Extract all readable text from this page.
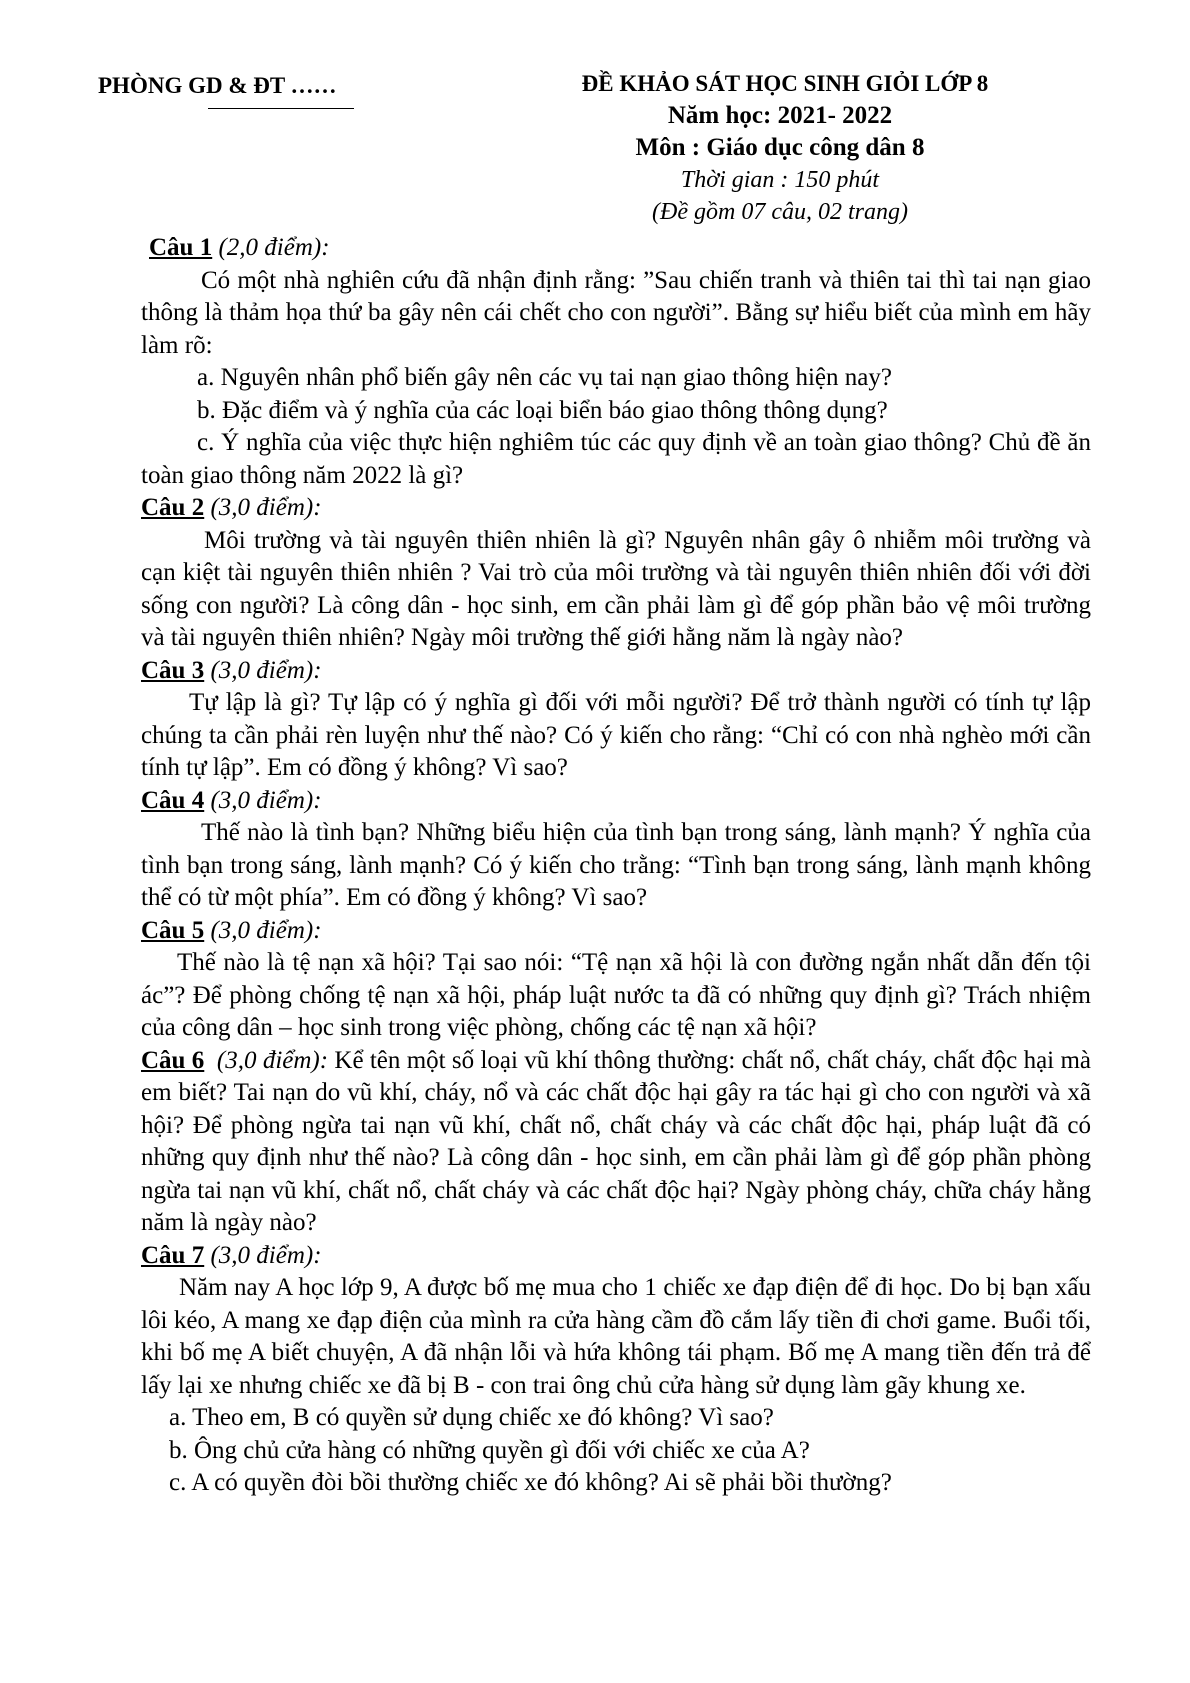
PHÒNG GD & ĐT ……	ĐỀ KHẢO SÁT HỌC SINH GIỎI LỚP 8
Năm học: 2021- 2022
Môn : Giáo dục công dân 8
Thời gian : 150 phút
(Đề gồm 07 câu, 02 trang)
Câu 1 (2,0 điểm):

Có một nhà nghiên cứu đã nhận định rằng: ”Sau chiến tranh và thiên tai thì tai nạn giao thông là thảm họa thứ ba gây nên cái chết cho con người”. Bằng sự hiểu biết của mình em hãy làm rõ:

a. Nguyên nhân phổ biến gây nên các vụ tai nạn giao thông hiện nay?

b. Đặc điểm và ý nghĩa của các loại biển báo giao thông thông dụng?

c. Ý nghĩa của việc thực hiện nghiêm túc các quy định về an toàn giao thông? Chủ đề ăn toàn giao thông năm 2022 là gì?

Câu 2 (3,0 điểm):

Môi trường và tài nguyên thiên nhiên là gì? Nguyên nhân gây ô nhiễm môi trường và cạn kiệt tài nguyên thiên nhiên ? Vai trò của môi trường và tài nguyên thiên nhiên đối với đời sống con người? Là công dân - học sinh, em cần phải làm gì để góp phần bảo vệ môi trường và tài nguyên thiên nhiên? Ngày môi trường thế giới hằng năm là ngày nào?

Câu 3 (3,0 điểm):

Tự lập là gì? Tự lập có ý nghĩa gì đối với mỗi người? Để trở thành người có tính tự lập chúng ta cần phải rèn luyện như thế nào? Có ý kiến cho rằng: “Chỉ có con nhà nghèo mới cần tính tự lập”. Em có đồng ý không? Vì sao?

Câu 4 (3,0 điểm):

Thế nào là tình bạn? Những biểu hiện của tình bạn trong sáng, lành mạnh? Ý nghĩa của tình bạn trong sáng, lành mạnh? Có ý kiến cho trằng: “Tình bạn trong sáng, lành mạnh không thể có từ một phía”. Em có đồng ý không? Vì sao?

Câu 5 (3,0 điểm):

Thế nào là tệ nạn xã hội? Tại sao nói: “Tệ nạn xã hội là con đường ngắn nhất dẫn đến tội ác”? Để phòng chống tệ nạn xã hội, pháp luật nước ta đã có những quy định gì? Trách nhiệm của công dân – học sinh trong việc phòng, chống các tệ nạn xã hội?

Câu 6 (3,0 điểm): Kể tên một số loại vũ khí thông thường: chất nổ, chất cháy, chất độc hại mà em biết? Tai nạn do vũ khí, cháy, nổ và các chất độc hại gây ra tác hại gì cho con người và xã hội? Để phòng ngừa tai nạn vũ khí, chất nổ, chất cháy và các chất độc hại, pháp luật đã có những quy định như thế nào? Là công dân - học sinh, em cần phải làm gì để góp phần phòng ngừa tai nạn vũ khí, chất nổ, chất cháy và các chất độc hại? Ngày phòng cháy, chữa cháy hằng năm là ngày nào?

Câu 7 (3,0 điểm):

Năm nay A học lớp 9, A được bố mẹ mua cho 1 chiếc xe đạp điện để đi học. Do bị bạn xấu lôi kéo, A mang xe đạp điện của mình ra cửa hàng cầm đồ cắm lấy tiền đi chơi game. Buổi tối, khi bố mẹ A biết chuyện, A đã nhận lỗi và hứa không tái phạm. Bố mẹ A mang tiền đến trả để lấy lại xe nhưng chiếc xe đã bị B - con trai ông chủ cửa hàng sử dụng làm gãy khung xe.

a. Theo em, B có quyền sử dụng chiếc xe đó không? Vì sao?

b. Ông chủ cửa hàng có những quyền gì đối với chiếc xe của A?

c. A có quyền đòi bồi thường chiếc xe đó không? Ai sẽ phải bồi thường?
